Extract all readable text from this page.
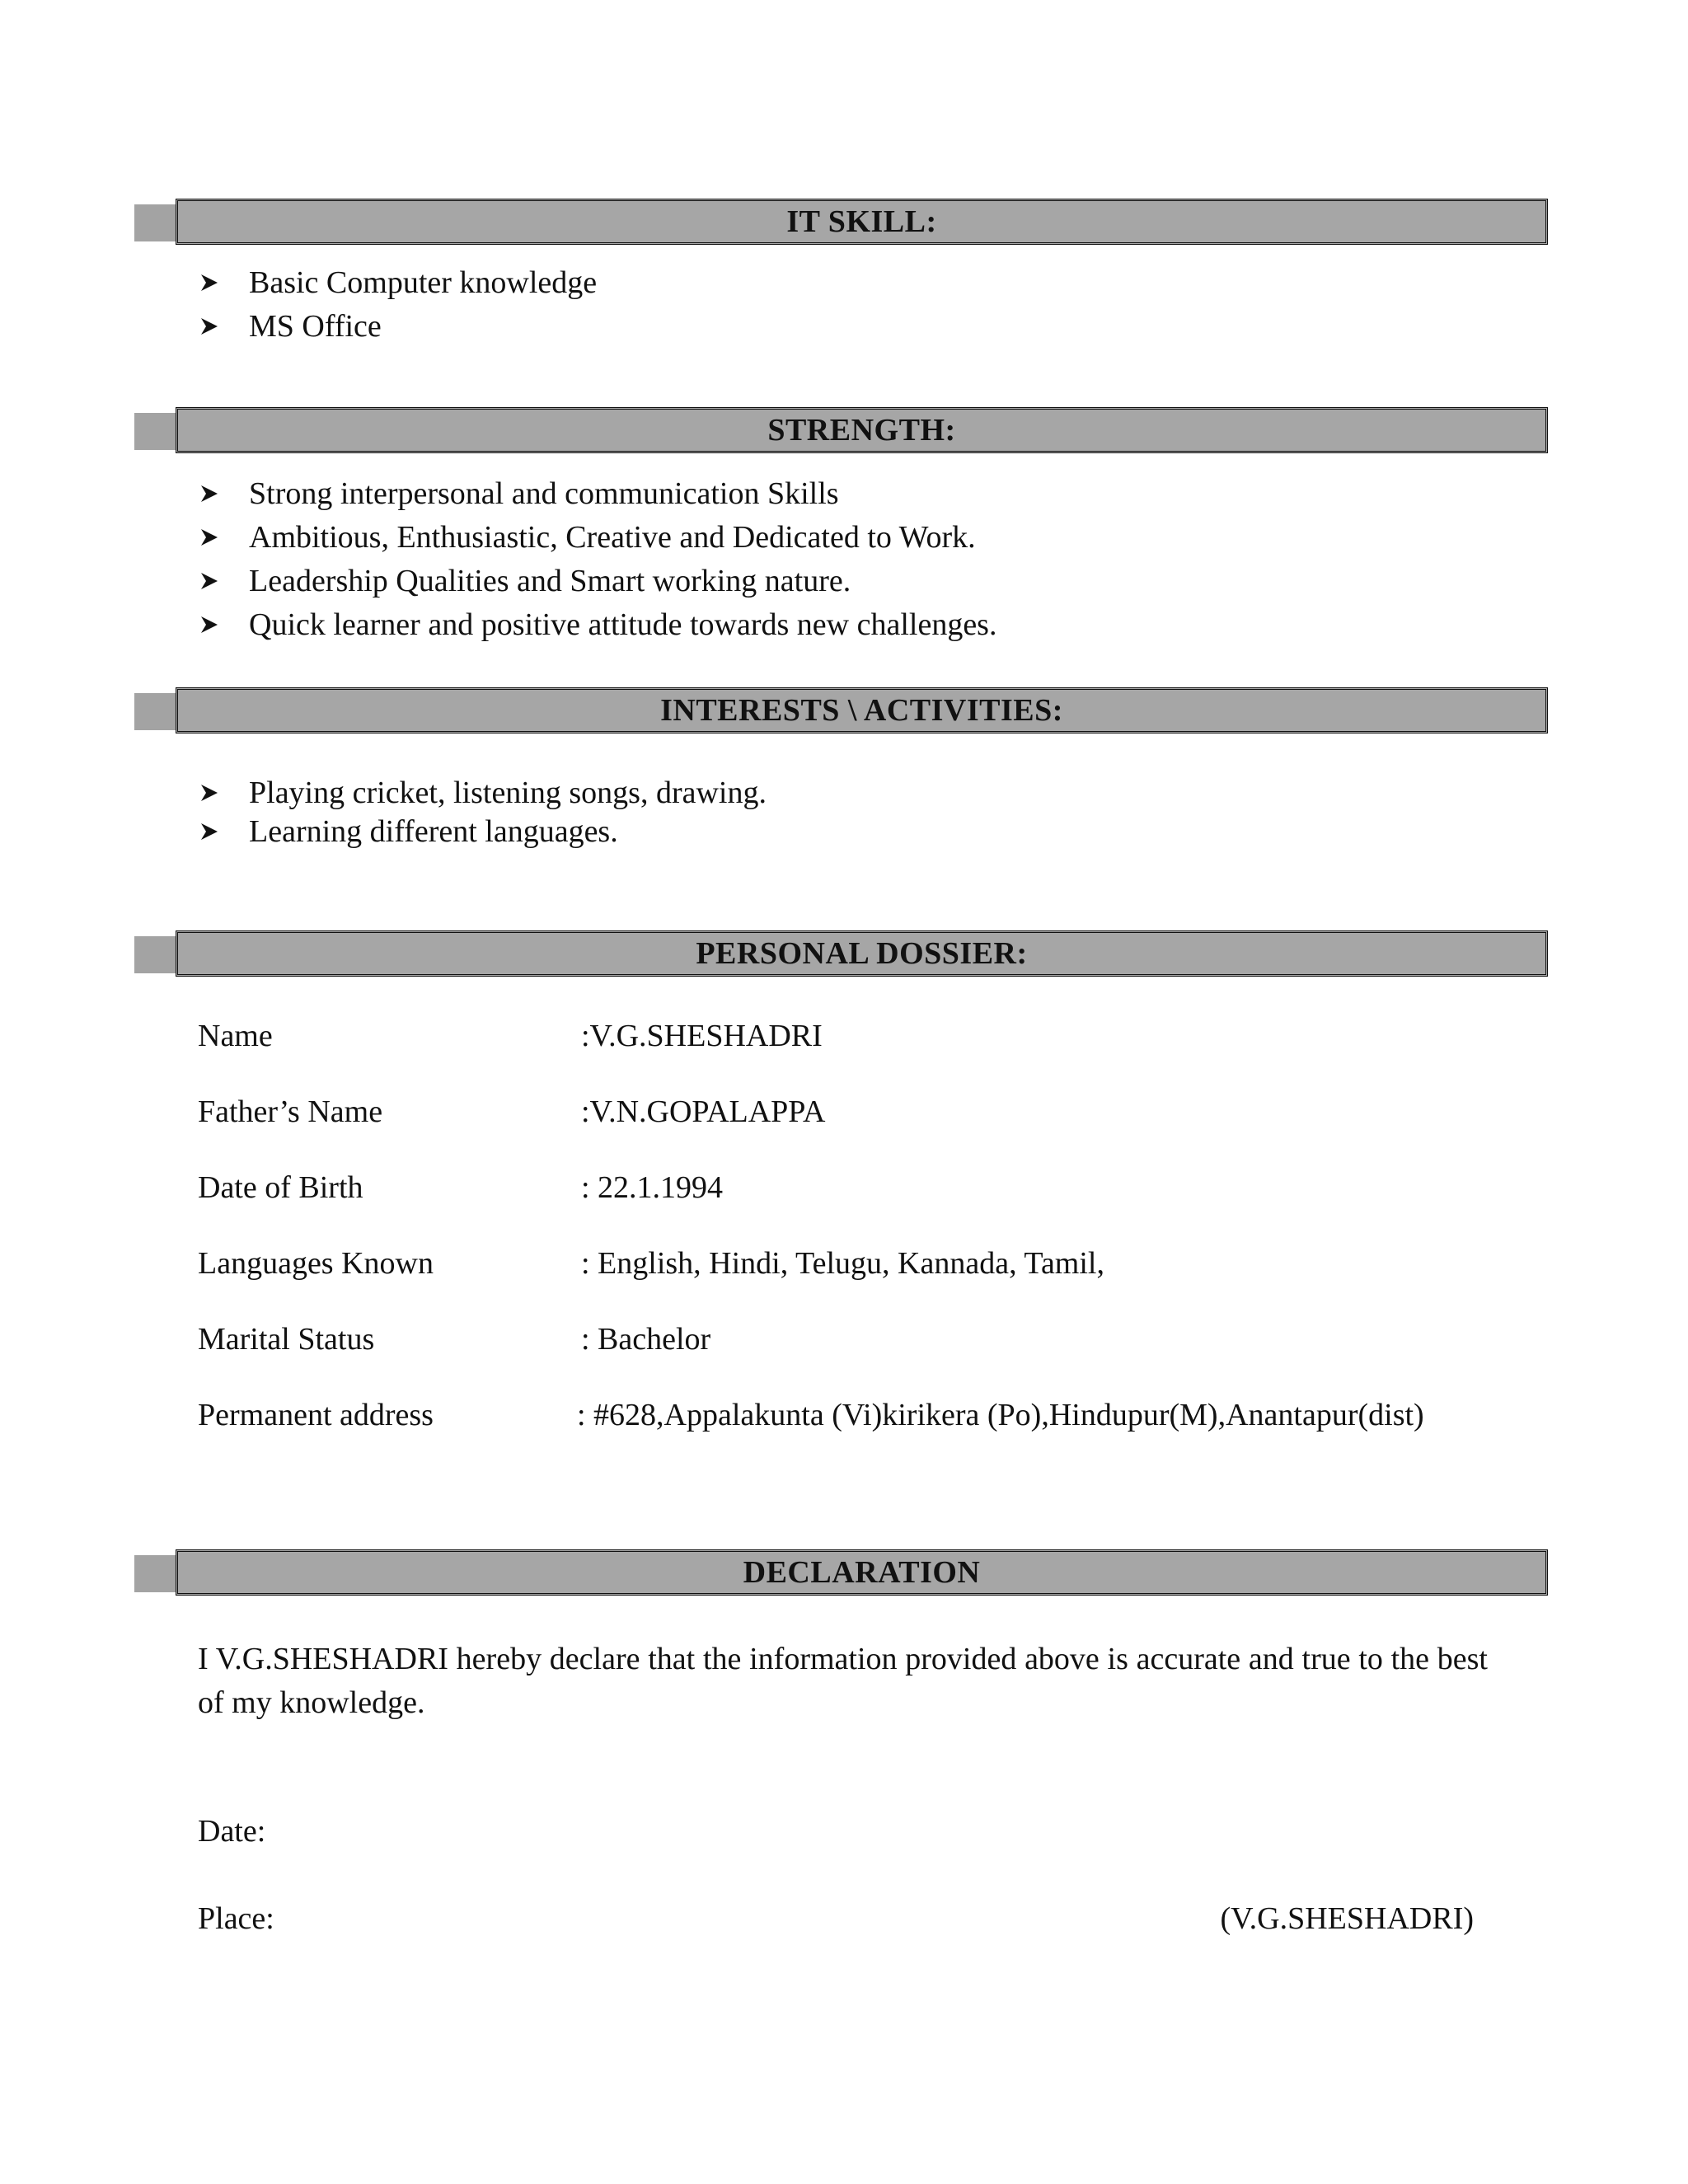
IT SKILL:
Basic Computer knowledge
MS Office
STRENGTH:
Strong interpersonal and communication Skills
Ambitious, Enthusiastic, Creative and Dedicated to Work.
Leadership Qualities and Smart working nature.
Quick learner and positive attitude towards new challenges.
INTERESTS \ ACTIVITIES:
Playing cricket, listening songs, drawing.
Learning different languages.
PERSONAL DOSSIER:
Name	:V.G.SHESHADRI
Father’s Name	:V.N.GOPALAPPA
Date of Birth	: 22.1.1994
Languages Known	: English, Hindi, Telugu, Kannada, Tamil,
Marital Status	: Bachelor
Permanent address	: #628,Appalakunta (Vi)kirikera (Po),Hindupur(M),Anantapur(dist)
DECLARATION
I V.G.SHESHADRI hereby declare that the information provided above is accurate and true to the best of my knowledge.
Date:
Place:	(V.G.SHESHADRI)
